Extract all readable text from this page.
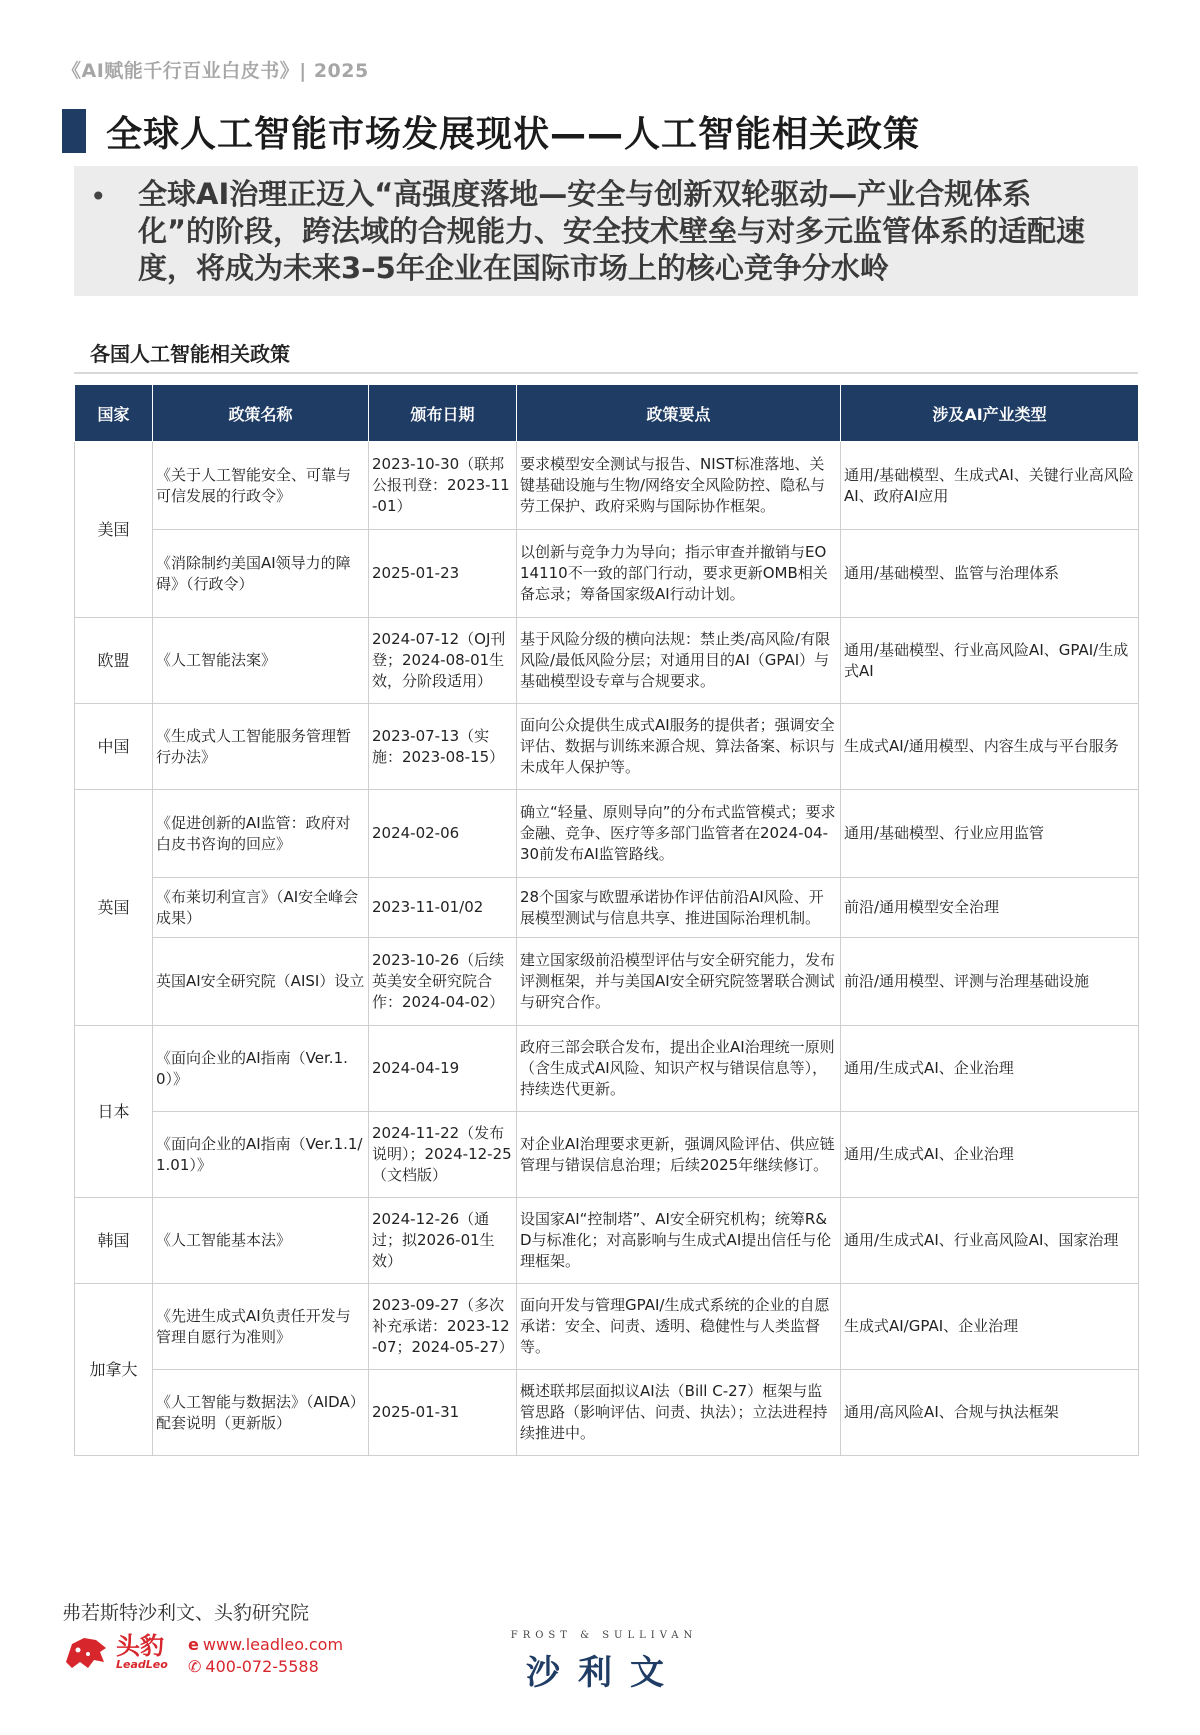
《AI赋能千行百业白皮书》| 2025
全球人工智能市场发展现状——人工智能相关政策
• 全球AI治理正迈入“高强度落地—安全与创新双轮驱动—产业合规体系化”的阶段，跨法域的合规能力、安全技术壁垒与对多元监管体系的适配速度，将成为未来3–5年企业在国际市场上的核心竞争分水岭
各国人工智能相关政策
国家	政策名称	颁布日期	政策要点	涉及AI产业类型
美国	《关于人工智能安全、可靠与可信发展的行政令》	2023-10-30（联邦公报刊登：2023-11-01）	要求模型安全测试与报告、NIST标准落地、关键基础设施与生物/网络安全风险防控、隐私与劳工保护、政府采购与国际协作框架。	通用/基础模型、生成式AI、关键行业高风险AI、政府AI应用
	《消除制约美国AI领导力的障碍》（行政令）	2025-01-23	以创新与竞争力为导向；指示审查并撤销与EO 14110不一致的部门行动，要求更新OMB相关备忘录；筹备国家级AI行动计划。	通用/基础模型、监管与治理体系
欧盟	《人工智能法案》	2024-07-12（OJ刊登；2024-08-01生效，分阶段适用）	基于风险分级的横向法规：禁止类/高风险/有限风险/最低风险分层；对通用目的AI（GPAI）与基础模型设专章与合规要求。	通用/基础模型、行业高风险AI、GPAI/生成式AI
中国	《生成式人工智能服务管理暂行办法》	2023-07-13（实施：2023-08-15）	面向公众提供生成式AI服务的提供者；强调安全评估、数据与训练来源合规、算法备案、标识与未成年人保护等。	生成式AI/通用模型、内容生成与平台服务
英国	《促进创新的AI监管：政府对白皮书咨询的回应》	2024-02-06	确立“轻量、原则导向”的分布式监管模式；要求金融、竞争、医疗等多部门监管者在2024-04-30前发布AI监管路线。	通用/基础模型、行业应用监管
	《布莱切利宣言》（AI安全峰会成果）	2023-11-01/02	28个国家与欧盟承诺协作评估前沿AI风险、开展模型测试与信息共享、推进国际治理机制。	前沿/通用模型安全治理
	英国AI安全研究院（AISI）设立	2023-10-26（后续英美安全研究院合作：2024-04-02）	建立国家级前沿模型评估与安全研究能力，发布评测框架，并与美国AI安全研究院签署联合测试与研究合作。	前沿/通用模型、评测与治理基础设施
日本	《面向企业的AI指南（Ver.1.0）》	2024-04-19	政府三部会联合发布，提出企业AI治理统一原则（含生成式AI风险、知识产权与错误信息等），持续迭代更新。	通用/生成式AI、企业治理
	《面向企业的AI指南（Ver.1.1/1.01）》	2024-11-22（发布说明）；2024-12-25（文档版）	对企业AI治理要求更新，强调风险评估、供应链管理与错误信息治理；后续2025年继续修订。	通用/生成式AI、企业治理
韩国	《人工智能基本法》	2024-12-26（通过；拟2026-01生效）	设国家AI“控制塔”、AI安全研究机构；统筹R&D与标准化；对高影响与生成式AI提出信任与伦理框架。	通用/生成式AI、行业高风险AI、国家治理
加拿大	《先进生成式AI负责任开发与管理自愿行为准则》	2023-09-27（多次补充承诺：2023-12-07；2024-05-27）	面向开发与管理GPAI/生成式系统的企业的自愿承诺：安全、问责、透明、稳健性与人类监督等。	生成式AI/GPAI、企业治理
	《人工智能与数据法》（AIDA）配套说明（更新版）	2025-01-31	概述联邦层面拟议AI法（Bill C-27）框架与监管思路（影响评估、问责、执法）；立法进程持续推进中。	通用/高风险AI、合规与执法框架
弗若斯特沙利文、头豹研究院
头豹
LeadLeo
e www.leadleo.com
✆ 400-072-5588
FROST & SULLIVAN
沙利文
